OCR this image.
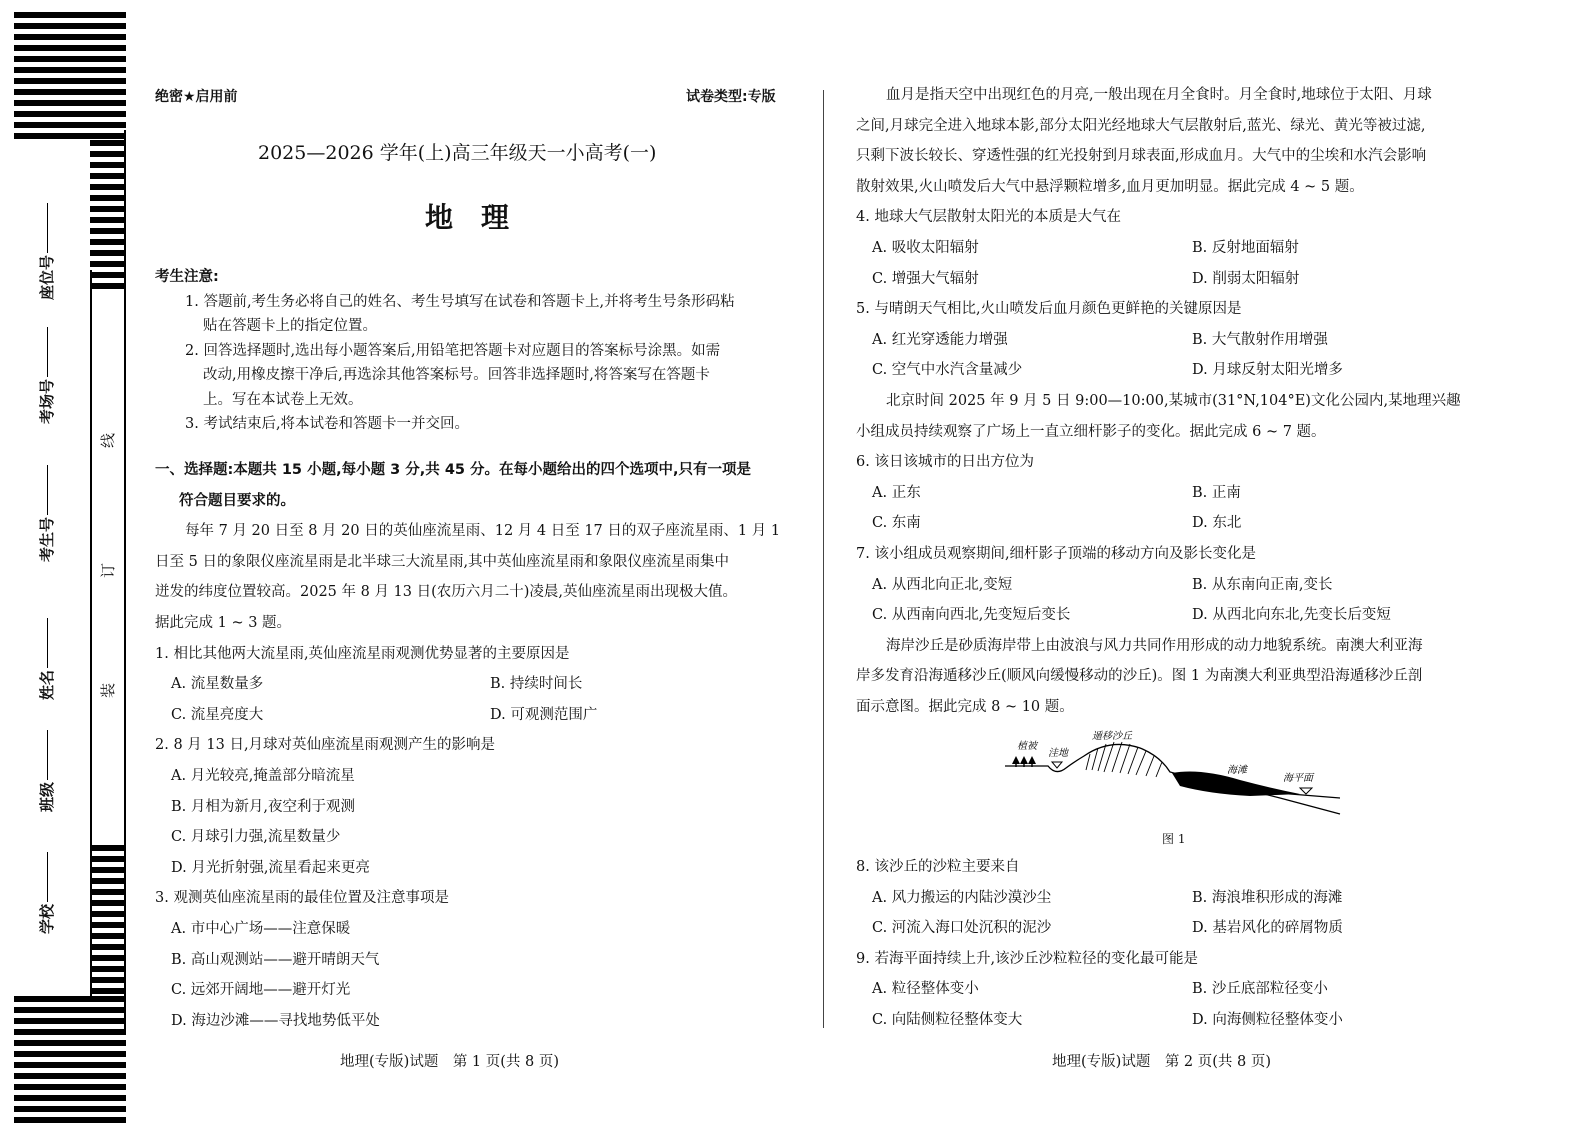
座位号
考场号
考生号
姓名
班级
学校
线
订
装
绝密★启用前	试卷类型:专版
2025—2026 学年(上)高三年级天一小高考(一)
地　理

考生注意:

1. 答题前,考生务必将自己的姓名、考生号填写在试卷和答题卡上,并将考生号条形码粘

贴在答题卡上的指定位置。

2. 回答选择题时,选出每小题答案后,用铅笔把答题卡对应题目的答案标号涂黑。如需

改动,用橡皮擦干净后,再选涂其他答案标号。回答非选择题时,将答案写在答题卡

上。写在本试卷上无效。

3. 考试结束后,将本试卷和答题卡一并交回。

一、选择题:本题共 15 小题,每小题 3 分,共 45 分。在每小题给出的四个选项中,只有一项是

符合题目要求的。

每年 7 月 20 日至 8 月 20 日的英仙座流星雨、12 月 4 日至 17 日的双子座流星雨、1 月 1

日至 5 日的象限仪座流星雨是北半球三大流星雨,其中英仙座流星雨和象限仪座流星雨集中

迸发的纬度位置较高。2025 年 8 月 13 日(农历六月二十)凌晨,英仙座流星雨出现极大值。

据此完成 1 ~ 3 题。

1. 相比其他两大流星雨,英仙座流星雨观测优势显著的主要原因是

A. 流星数量多	B. 持续时间长
C. 流星亮度大	D. 可观测范围广

2. 8 月 13 日,月球对英仙座流星雨观测产生的影响是

A. 月光较亮,掩盖部分暗流星

B. 月相为新月,夜空利于观测

C. 月球引力强,流星数量少

D. 月光折射强,流星看起来更亮

3. 观测英仙座流星雨的最佳位置及注意事项是

A. 市中心广场——注意保暖

B. 高山观测站——避开晴朗天气

C. 远郊开阔地——避开灯光

D. 海边沙滩——寻找地势低平处

地理(专版)试题　第 1 页(共 8 页)

血月是指天空中出现红色的月亮,一般出现在月全食时。月全食时,地球位于太阳、月球

之间,月球完全进入地球本影,部分太阳光经地球大气层散射后,蓝光、绿光、黄光等被过滤,

只剩下波长较长、穿透性强的红光投射到月球表面,形成血月。大气中的尘埃和水汽会影响

散射效果,火山喷发后大气中悬浮颗粒增多,血月更加明显。据此完成 4 ~ 5 题。

4. 地球大气层散射太阳光的本质是大气在

A. 吸收太阳辐射	B. 反射地面辐射
C. 增强大气辐射	D. 削弱太阳辐射

5. 与晴朗天气相比,火山喷发后血月颜色更鲜艳的关键原因是

A. 红光穿透能力增强	B. 大气散射作用增强
C. 空气中水汽含量减少	D. 月球反射太阳光增多

北京时间 2025 年 9 月 5 日 9:00—10:00,某城市(31°N,104°E)文化公园内,某地理兴趣

小组成员持续观察了广场上一直立细杆影子的变化。据此完成 6 ~ 7 题。

6. 该日该城市的日出方位为

A. 正东	B. 正南
C. 东南	D. 东北

7. 该小组成员观察期间,细杆影子顶端的移动方向及影长变化是

A. 从西北向正北,变短	B. 从东南向正南,变长
C. 从西南向西北,先变短后变长	D. 从西北向东北,先变长后变短

海岸沙丘是砂质海岸带上由波浪与风力共同作用形成的动力地貌系统。南澳大利亚海

岸多发育沿海遁移沙丘(顺风向缓慢移动的沙丘)。图 1 为南澳大利亚典型沿海遁移沙丘剖

面示意图。据此完成 8 ~ 10 题。

植被
洼地
遁移沙丘
海滩
海平面
图 1

8. 该沙丘的沙粒主要来自

A. 风力搬运的内陆沙漠沙尘	B. 海浪堆积形成的海滩
C. 河流入海口处沉积的泥沙	D. 基岩风化的碎屑物质

9. 若海平面持续上升,该沙丘沙粒粒径的变化最可能是

A. 粒径整体变小	B. 沙丘底部粒径变小
C. 向陆侧粒径整体变大	D. 向海侧粒径整体变小
地理(专版)试题　第 2 页(共 8 页)
